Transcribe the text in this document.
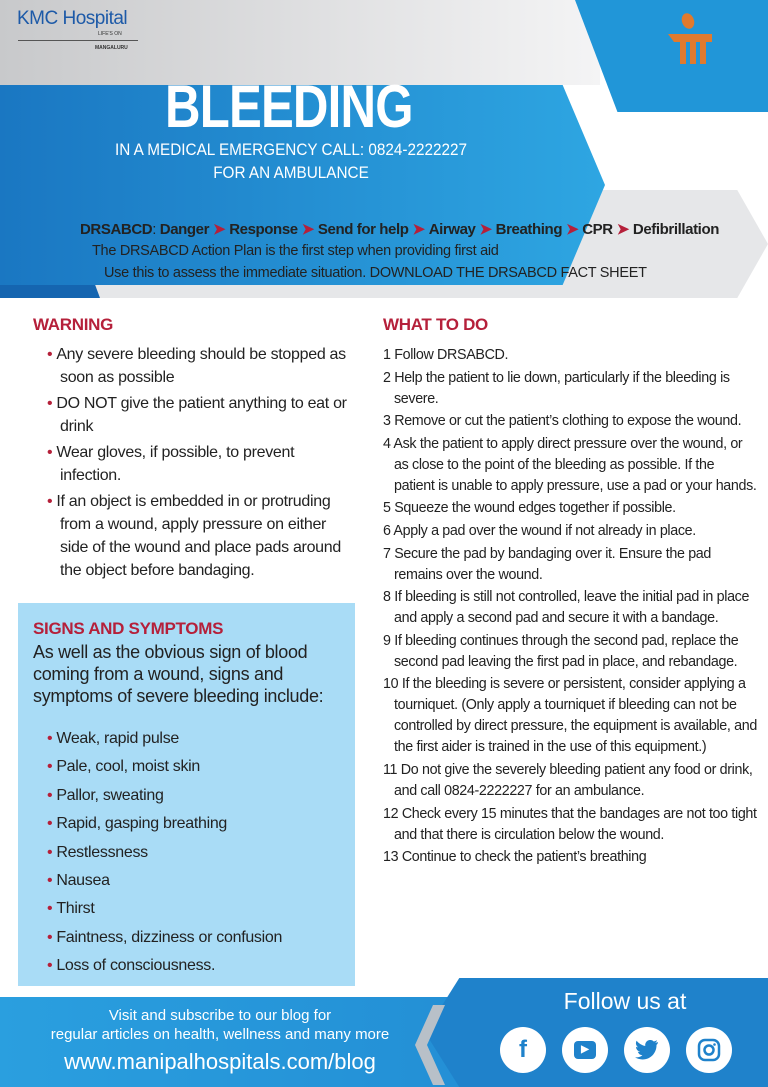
KMC Hospital
LIFE'S ON
MANGALURU
BLEEDING
IN A MEDICAL EMERGENCY CALL: 0824-2222227
FOR AN AMBULANCE
DRSABCD: Danger ➤ Response ➤ Send for help ➤ Airway ➤ Breathing ➤ CPR ➤ Defibrillation
The DRSABCD Action Plan is the first step when providing first aid
Use this to assess the immediate situation. DOWNLOAD THE DRSABCD FACT SHEET
WARNING
• Any severe bleeding should be stopped as soon as possible
• DO NOT give the patient anything to eat or drink
• Wear gloves, if possible, to prevent infection.
• If an object is embedded in or protruding from a wound, apply pressure on either side of the wound and place pads around the object before bandaging.
SIGNS AND SYMPTOMS
As well as the obvious sign of blood coming from a wound, signs and symptoms of severe bleeding include:
• Weak, rapid pulse
• Pale, cool, moist skin
• Pallor, sweating
• Rapid, gasping breathing
• Restlessness
• Nausea
• Thirst
• Faintness, dizziness or confusion
• Loss of consciousness.
WHAT TO DO
1 Follow DRSABCD.
2 Help the patient to lie down, particularly if the bleeding is severe.
3 Remove or cut the patient’s clothing to expose the wound.
4 Ask the patient to apply direct pressure over the wound, or as close to the point of the bleeding as possible. If the patient is unable to apply pressure, use a pad or your hands.
5 Squeeze the wound edges together if possible.
6 Apply a pad over the wound if not already in place.
7 Secure the pad by bandaging over it. Ensure the pad remains over the wound.
8 If bleeding is still not controlled, leave the initial pad in place and apply a second pad and secure it with a bandage.
9 If bleeding continues through the second pad, replace the second pad leaving the first pad in place, and rebandage.
10 If the bleeding is severe or persistent, consider applying a tourniquet. (Only apply a tourniquet if bleeding can not be controlled by direct pressure, the equipment is available, and the first aider is trained in the use of this equipment.)
11 Do not give the severely bleeding patient any food or drink, and call 0824-2222227 for an ambulance.
12 Check every 15 minutes that the bandages are not too tight and that there is circulation below the wound.
13 Continue to check the patient’s breathing
Visit and subscribe to our blog for
regular articles on health, wellness and many more
www.manipalhospitals.com/blog
Follow us at
f	▶
